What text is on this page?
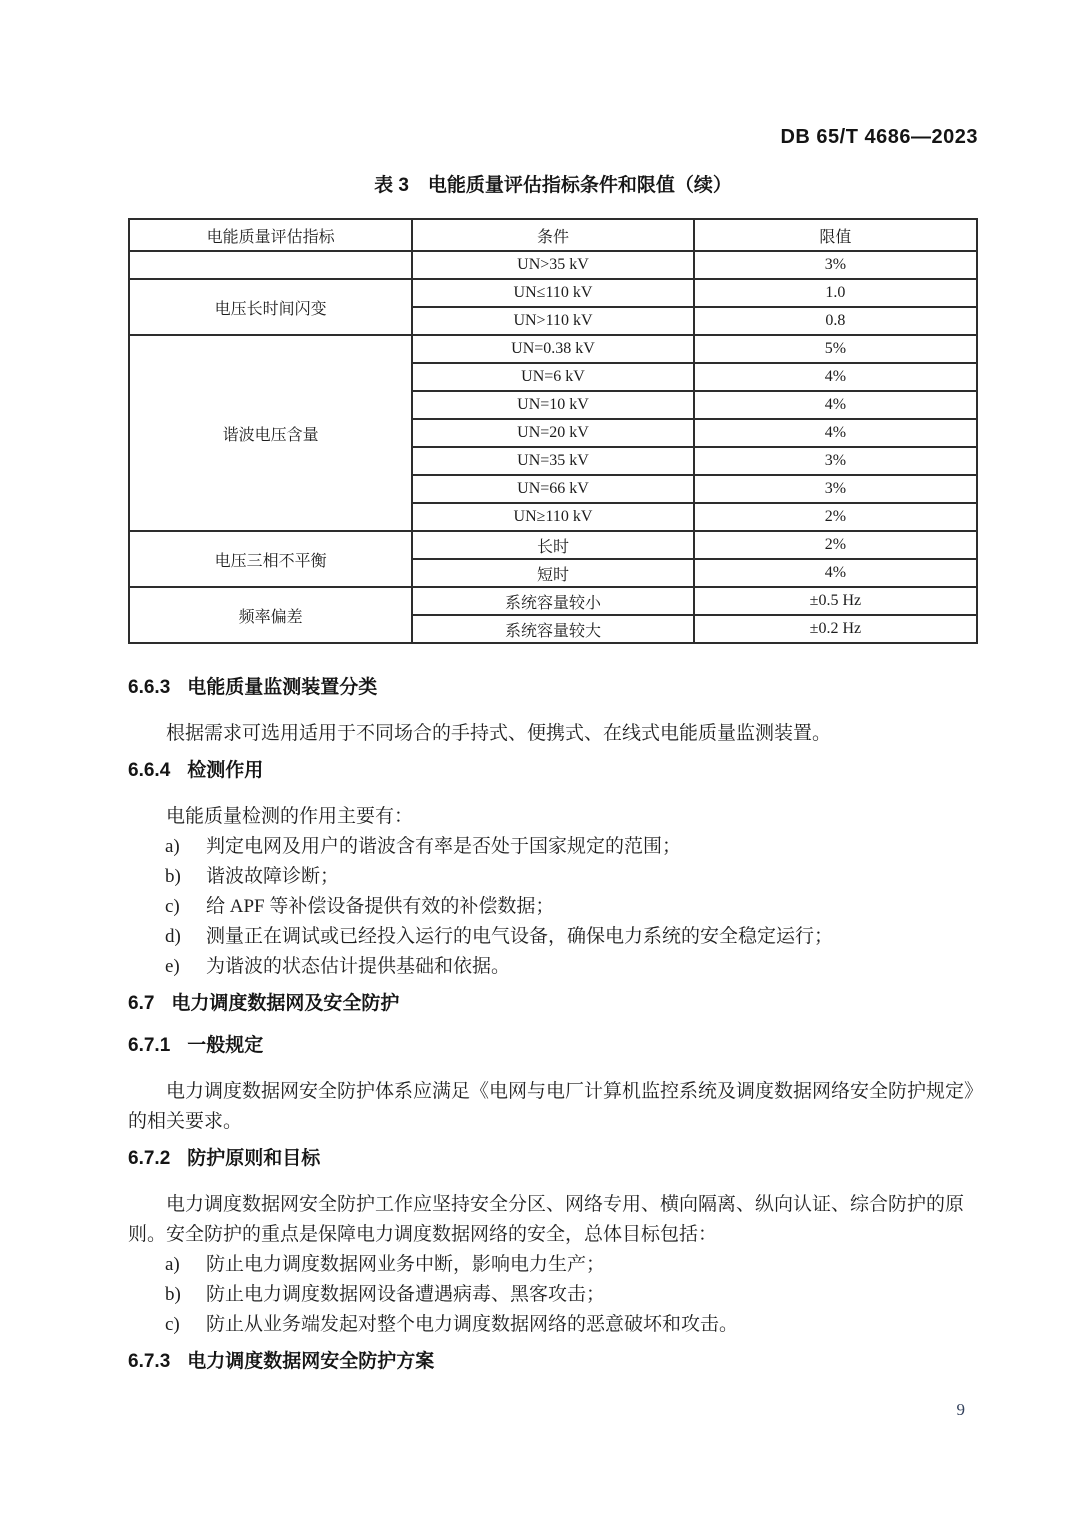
DB 65/T 4686—2023
表 3　电能质量评估指标条件和限值（续）
电能质量评估指标	条件	限值
	UN>35 kV	3%
电压长时间闪变	UN≤110 kV	1.0
	UN>110 kV	0.8
谐波电压含量	UN=0.38 kV	5%
	UN=6 kV	4%
	UN=10 kV	4%
	UN=20 kV	4%
	UN=35 kV	3%
	UN=66 kV	3%
	UN≥110 kV	2%
电压三相不平衡	长时	2%
	短时	4%
频率偏差	系统容量较小	±0.5 Hz
	系统容量较大	±0.2 Hz
6.6.3 电能质量监测装置分类
根据需求可选用适用于不同场合的手持式、便携式、在线式电能质量监测装置。
6.6.4 检测作用
电能质量检测的作用主要有：
a) 判定电网及用户的谐波含有率是否处于国家规定的范围；
b) 谐波故障诊断；
c) 给 APF 等补偿设备提供有效的补偿数据；
d) 测量正在调试或已经投入运行的电气设备，确保电力系统的安全稳定运行；
e) 为谐波的状态估计提供基础和依据。
6.7 电力调度数据网及安全防护
6.7.1 一般规定
电力调度数据网安全防护体系应满足《电网与电厂计算机监控系统及调度数据网络安全防护规定》的相关要求。
6.7.2 防护原则和目标
电力调度数据网安全防护工作应坚持安全分区、网络专用、横向隔离、纵向认证、综合防护的原则。安全防护的重点是保障电力调度数据网络的安全，总体目标包括：
a) 防止电力调度数据网业务中断，影响电力生产；
b) 防止电力调度数据网设备遭遇病毒、黑客攻击；
c) 防止从业务端发起对整个电力调度数据网络的恶意破坏和攻击。
6.7.3 电力调度数据网安全防护方案
9
